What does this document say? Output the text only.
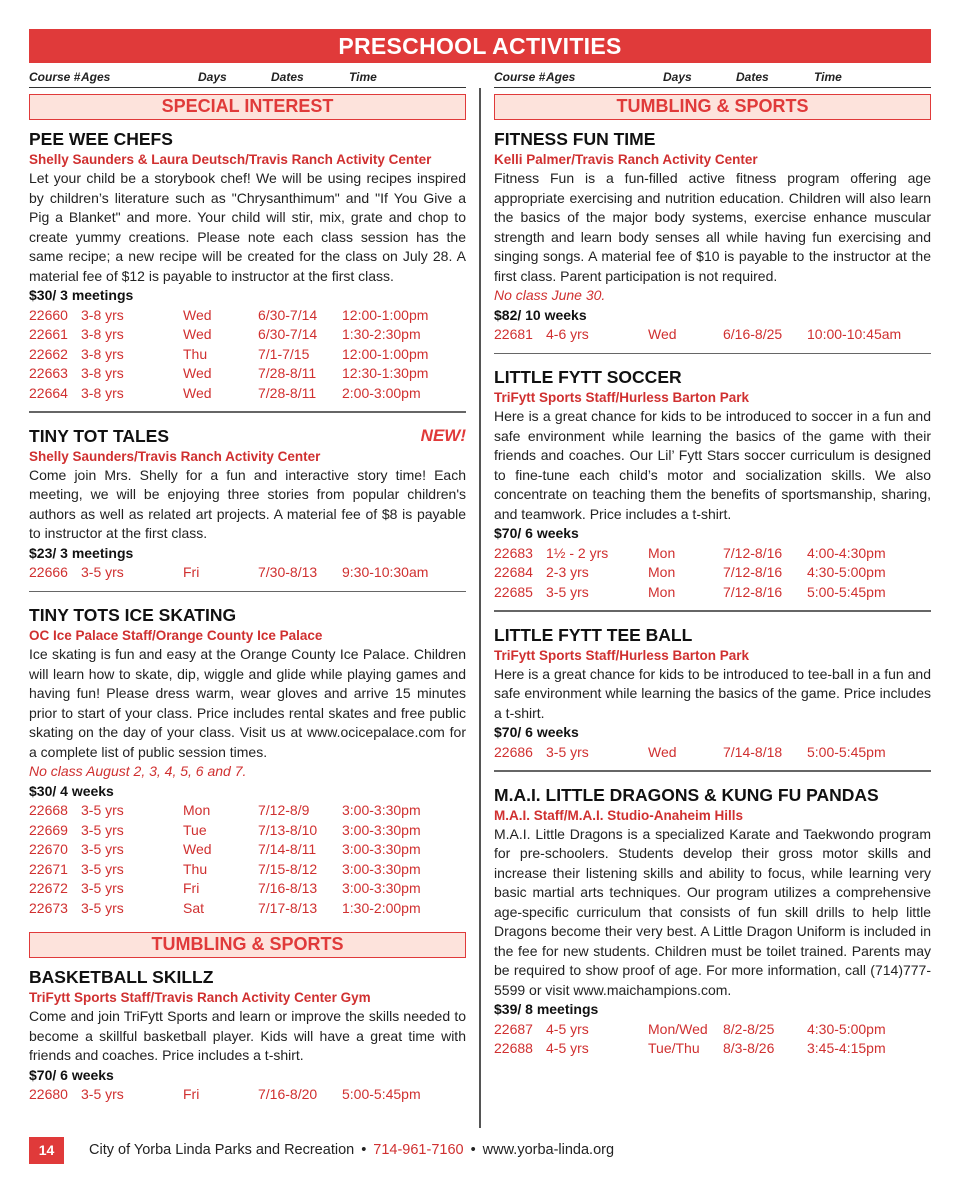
PRESCHOOL ACTIVITIES
Course # Ages	Days	Dates	Time	Course # Ages	Days	Dates	Time
SPECIAL INTEREST
PEE WEE CHEFS
Shelly Saunders & Laura Deutsch/Travis Ranch Activity Center
Let your child be a storybook chef! We will be using recipes inspired by children’s literature such as "Chrysanthimum" and "If You Give a Pig a Blanket" and more. Your child will stir, mix, grate and chop to create yummy creations. Please note each class session has the same recipe; a new recipe will be created for the class on July 28. A material fee of $12 is payable to instructor at the first class.
$30/ 3 meetings
22660 3-8 yrs	Wed	6/30-7/14 12:00-1:00pm
22661 3-8 yrs	Wed	6/30-7/14 1:30-2:30pm
22662 3-8 yrs	Thu	7/1-7/15 12:00-1:00pm
22663 3-8 yrs	Wed	7/28-8/11 12:30-1:30pm
22664 3-8 yrs	Wed	7/28-8/11 2:00-3:00pm
TINY TOT TALES	NEW!
Shelly Saunders/Travis Ranch Activity Center
Come join Mrs. Shelly for a fun and interactive story time! Each meeting, we will be enjoying three stories from popular children's authors as well as related art projects. A material fee of $8 is payable to instructor at the first class.
$23/ 3 meetings
22666 3-5 yrs	Fri	7/30-8/13 9:30-10:30am
TINY TOTS ICE SKATING
OC Ice Palace Staff/Orange County Ice Palace
Ice skating is fun and easy at the Orange County Ice Palace. Children will learn how to skate, dip, wiggle and glide while playing games and having fun! Please dress warm, wear gloves and arrive 15 minutes prior to start of your class. Price includes rental skates and free public skating on the day of your class. Visit us at www.ocicepalace.com for a complete list of public session times.
No class August 2, 3, 4, 5, 6 and 7.
$30/ 4 weeks
22668 3-5 yrs	Mon	7/12-8/9 3:00-3:30pm
22669 3-5 yrs	Tue	7/13-8/10 3:00-3:30pm
22670 3-5 yrs	Wed	7/14-8/11 3:00-3:30pm
22671 3-5 yrs	Thu	7/15-8/12 3:00-3:30pm
22672 3-5 yrs	Fri	7/16-8/13 3:00-3:30pm
22673 3-5 yrs	Sat	7/17-8/13 1:30-2:00pm
TUMBLING & SPORTS
BASKETBALL SKILLZ
TriFytt Sports Staff/Travis Ranch Activity Center Gym
Come and join TriFytt Sports and learn or improve the skills needed to become a skillful basketball player. Kids will have a great time with friends and coaches. Price includes a t-shirt.
$70/ 6 weeks
22680 3-5 yrs	Fri	7/16-8/20 5:00-5:45pm
TUMBLING & SPORTS
FITNESS FUN TIME
Kelli Palmer/Travis Ranch Activity Center
Fitness Fun is a fun-filled active fitness program offering age appropriate exercising and nutrition education. Children will also learn the basics of the major body systems, exercise enhance muscular strength and learn body senses all while having fun exercising and singing songs. A material fee of $10 is payable to the instructor at the first class. Parent participation is not required.
No class June 30.
$82/ 10 weeks
22681 4-6 yrs	Wed	6/16-8/25 10:00-10:45am
LITTLE FYTT SOCCER
TriFytt Sports Staff/Hurless Barton Park
Here is a great chance for kids to be introduced to soccer in a fun and safe environment while learning the basics of the game with their friends and coaches. Our Lil’ Fytt Stars soccer curriculum is designed to fine-tune each child’s motor and socialization skills. We also concentrate on teaching them the benefits of sportsmanship, sharing, and teamwork. Price includes a t-shirt.
$70/ 6 weeks
22683 1½ - 2 yrs	Mon	7/12-8/16 4:00-4:30pm
22684 2-3 yrs	Mon	7/12-8/16 4:30-5:00pm
22685 3-5 yrs	Mon	7/12-8/16 5:00-5:45pm
LITTLE FYTT TEE BALL
TriFytt Sports Staff/Hurless Barton Park
Here is a great chance for kids to be introduced to tee-ball in a fun and safe environment while learning the basics of the game. Price includes a t-shirt.
$70/ 6 weeks
22686 3-5 yrs	Wed	7/14-8/18 5:00-5:45pm
M.A.I. LITTLE DRAGONS & KUNG FU PANDAS
M.A.I. Staff/M.A.I. Studio-Anaheim Hills
M.A.I. Little Dragons is a specialized Karate and Taekwondo program for pre-schoolers. Students develop their gross motor skills and increase their listening skills and ability to focus, while learning very basic martial arts techniques. Our program utilizes a comprehensive age-specific curriculum that consists of fun skill drills to help little Dragons become their very best. A Little Dragon Uniform is included in the fee for new students. Children must be toilet trained. Parents may be required to show proof of age. For more information, call (714)777-5599 or visit www.maichampions.com.
$39/ 8 meetings
22687 4-5 yrs	Mon/Wed 8/2-8/25 4:30-5:00pm
22688 4-5 yrs	Tue/Thu 8/3-8/26 3:45-4:15pm
14	City of Yorba Linda Parks and Recreation • 714-961-7160 • www.yorba-linda.org
